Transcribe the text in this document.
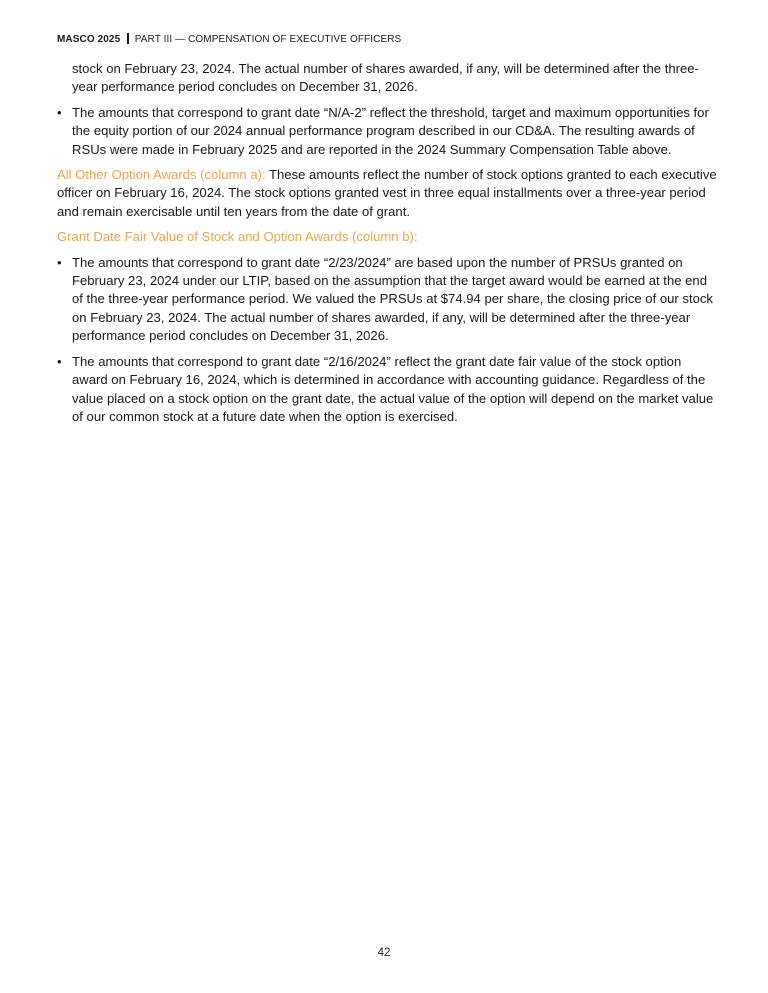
MASCO 2025 PART III — COMPENSATION OF EXECUTIVE OFFICERS

stock on February 23, 2024. The actual number of shares awarded, if any, will be determined after the three-year performance period concludes on December 31, 2026.

• The amounts that correspond to grant date “N/A-2” reflect the threshold, target and maximum opportunities for the equity portion of our 2024 annual performance program described in our CD&A. The resulting awards of RSUs were made in February 2025 and are reported in the 2024 Summary Compensation Table above.

All Other Option Awards (column a): These amounts reflect the number of stock options granted to each executive officer on February 16, 2024. The stock options granted vest in three equal installments over a three-year period and remain exercisable until ten years from the date of grant.

Grant Date Fair Value of Stock and Option Awards (column b):

• The amounts that correspond to grant date “2/23/2024” are based upon the number of PRSUs granted on February 23, 2024 under our LTIP, based on the assumption that the target award would be earned at the end of the three-year performance period. We valued the PRSUs at $74.94 per share, the closing price of our stock on February 23, 2024. The actual number of shares awarded, if any, will be determined after the three-year performance period concludes on December 31, 2026.
• The amounts that correspond to grant date “2/16/2024” reflect the grant date fair value of the stock option award on February 16, 2024, which is determined in accordance with accounting guidance. Regardless of the value placed on a stock option on the grant date, the actual value of the option will depend on the market value of our common stock at a future date when the option is exercised.
42
